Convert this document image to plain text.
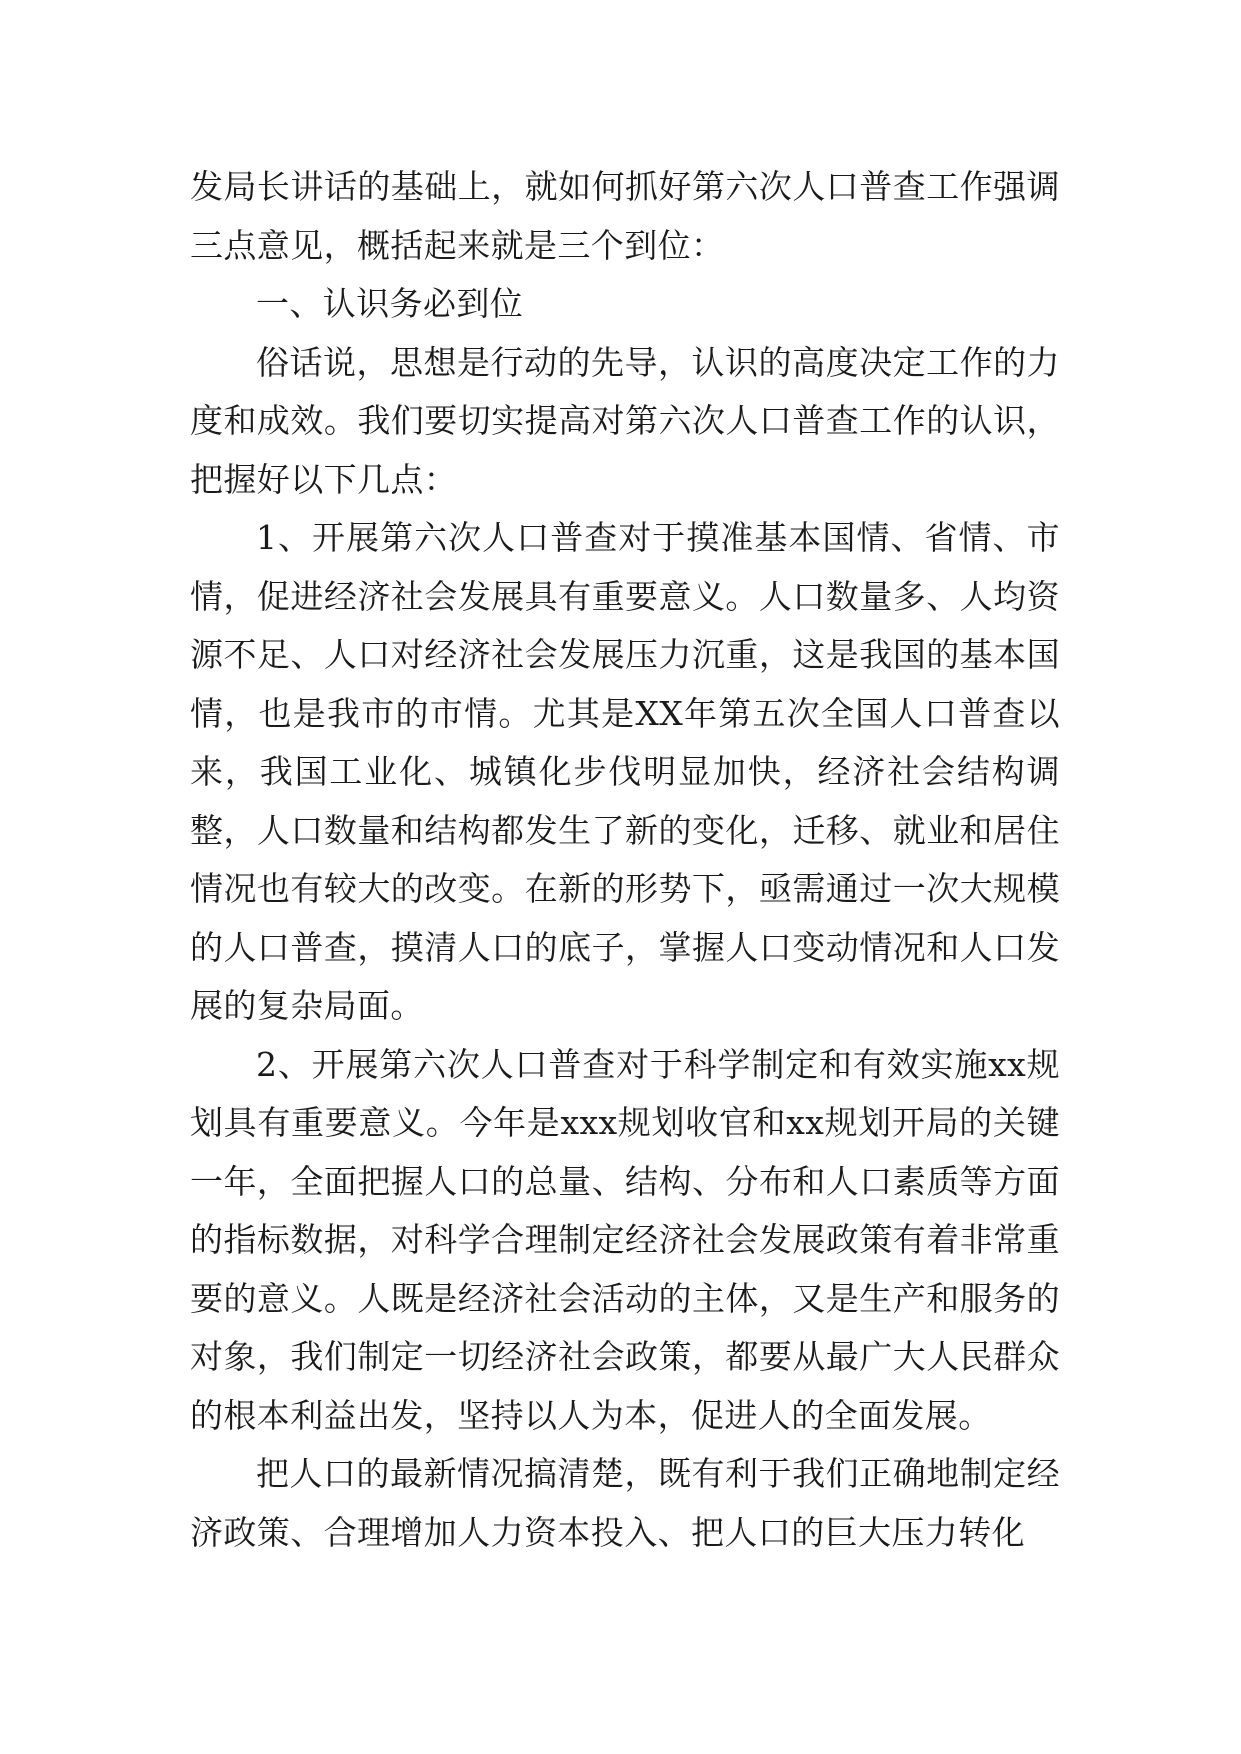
发局长讲话的基础上，就如何抓好第六次人口普查工作强调三点意见，概括起来就是三个到位：

一、认识务必到位

俗话说，思想是行动的先导，认识的高度决定工作的力度和成效。我们要切实提高对第六次人口普查工作的认识，把握好以下几点：

1、开展第六次人口普查对于摸准基本国情、省情、市情，促进经济社会发展具有重要意义。人口数量多、人均资源不足、人口对经济社会发展压力沉重，这是我国的基本国情，也是我市的市情。尤其是XX年第五次全国人口普查以来，我国工业化、城镇化步伐明显加快，经济社会结构调整，人口数量和结构都发生了新的变化，迁移、就业和居住情况也有较大的改变。在新的形势下，亟需通过一次大规模的人口普查，摸清人口的底子，掌握人口变动情况和人口发展的复杂局面。

2、开展第六次人口普查对于科学制定和有效实施xx规划具有重要意义。今年是xxx规划收官和xx规划开局的关键一年，全面把握人口的总量、结构、分布和人口素质等方面的指标数据，对科学合理制定经济社会发展政策有着非常重要的意义。人既是经济社会活动的主体，又是生产和服务的对象，我们制定一切经济社会政策，都要从最广大人民群众的根本利益出发，坚持以人为本，促进人的全面发展。

把人口的最新情况搞清楚，既有利于我们正确地制定经济政策、合理增加人力资本投入、把人口的巨大压力转化
